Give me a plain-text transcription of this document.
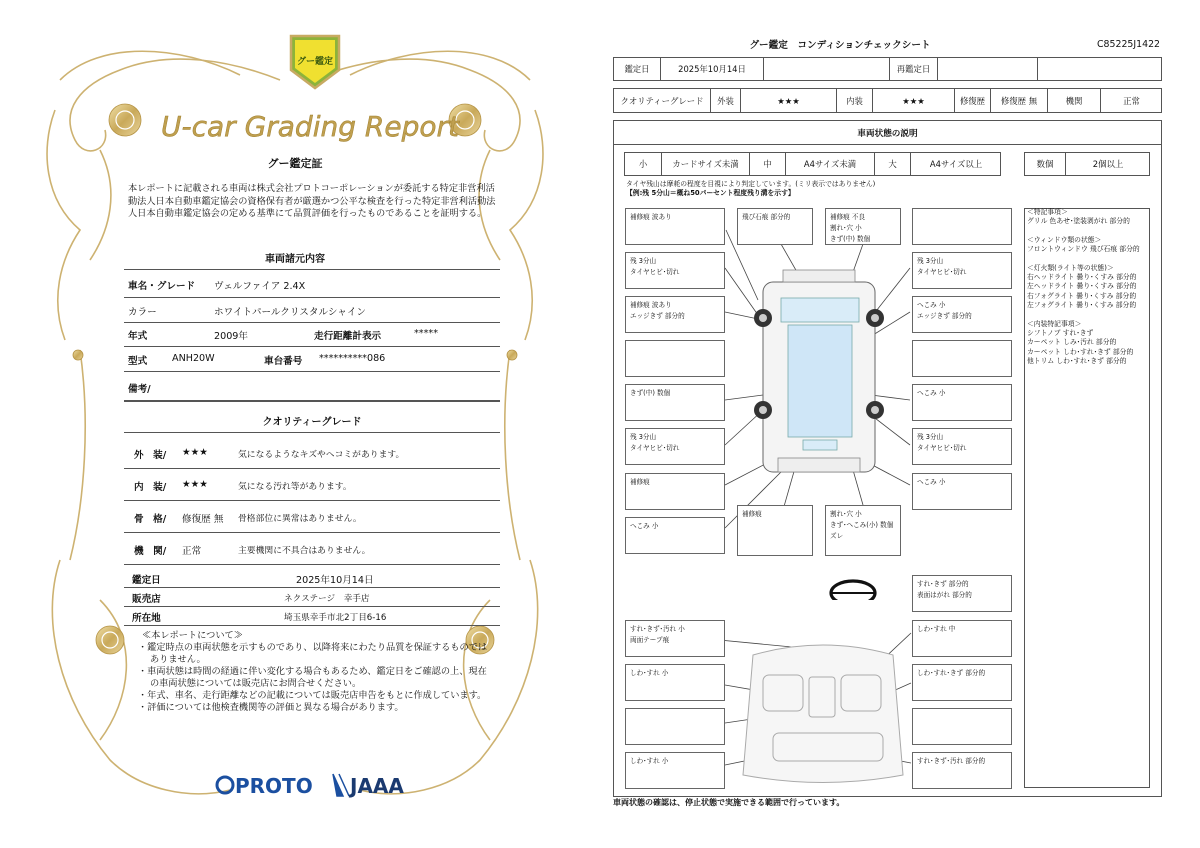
グー鑑定
U-car Grading Report
グー鑑定証
本レポートに記載される車両は株式会社プロトコーポレーションが委託する特定非営利活動法人日本自動車鑑定協会の資格保有者が厳選かつ公平な検査を行った特定非営利活動法人日本自動車鑑定協会の定める基準にて品質評価を行ったものであることを証明する。
車両諸元内容
車名・グレード ヴェルファイア 2.4X
カラー	ホワイトパールクリスタルシャイン
年式	2009年	走行距離計表示	*****
型式	ANH20W	車台番号 **********086
備考/
クオリティーグレード
外　装/ ★★★	気になるようなキズやヘコミがあります。
内　装/ ★★★	気になる汚れ等があります。
骨　格/ 修復歴 無 骨格部位に異常はありません。
機　関/ 正常	主要機関に不具合はありません。
鑑定日	2025年10月14日
販売店	ネクステージ　幸手店
所在地	埼玉県幸手市北2丁目6-16
≪本レポートについて≫
・鑑定時点の車両状態を示すものであり、以降将来にわたり品質を保証するものではありません。
・車両状態は時間の経過に伴い変化する場合もあるため、鑑定日をご確認の上、現在の車両状態については販売店にお問合せください。
・年式、車名、走行距離などの記載については販売店申告をもとに作成しています。
・評価については他検査機関等の評価と異なる場合があります。
PROTO JAAA
グー鑑定　コンディションチェックシート	C85225J1422
鑑定日	2025年10月14日	再鑑定日
クオリティーグレード	外装	★★★	内装	★★★	修復歴	修復歴 無	機関	正常
車両状態の説明
小	カードサイズ未満	中	A4サイズ未満	大	A4サイズ以上	数個	2個以上
タイヤ残山は摩耗の程度を目視により判定しています。(ミリ表示ではありません)
【例:残 5分山＝概ね50パーセント程度残り溝を示す】
補修痕 波あり	飛び石痕 部分的	補修痕 不良
割れ･穴 小
きず(中) 数個
残 3分山
タイヤヒビ･切れ
残 3分山
タイヤヒビ･切れ
補修痕 波あり
エッジきず 部分的
へこみ 小
エッジきず 部分的
きず(中) 数個	へこみ 小
残 3分山
タイヤヒビ･切れ
残 3分山
タイヤヒビ･切れ
補修痕	へこみ 小
へこみ 小
補修痕	割れ･穴 小
きず･へこみ(小) 数個
ズレ
すれ･きず 部分的
表面はがれ 部分的
すれ･きず･汚れ 小
両面テープ痕
しわ･すれ 中
しわ･すれ 小	しわ･すれ･きず 部分的
しわ･すれ 小	すれ･きず･汚れ 部分的
＜特記事項＞
グリル 色あせ･塗装剥がれ 部分的
＜ウィンドウ類の状態＞
フロントウィンドウ 飛び石痕 部分的
＜灯火類(ライト等の状態)＞
右ヘッドライト 曇り･くすみ 部分的
左ヘッドライト 曇り･くすみ 部分的
右フォグライト 曇り･くすみ 部分的
左フォグライト 曇り･くすみ 部分的
＜内装特記事項＞
シフトノブ すれ･きず
カーペット しみ･汚れ 部分的
カーペット しわ･すれ･きず 部分的
他トリム しわ･すれ･きず 部分的
車両状態の確認は、停止状態で実施できる範囲で行っています。
